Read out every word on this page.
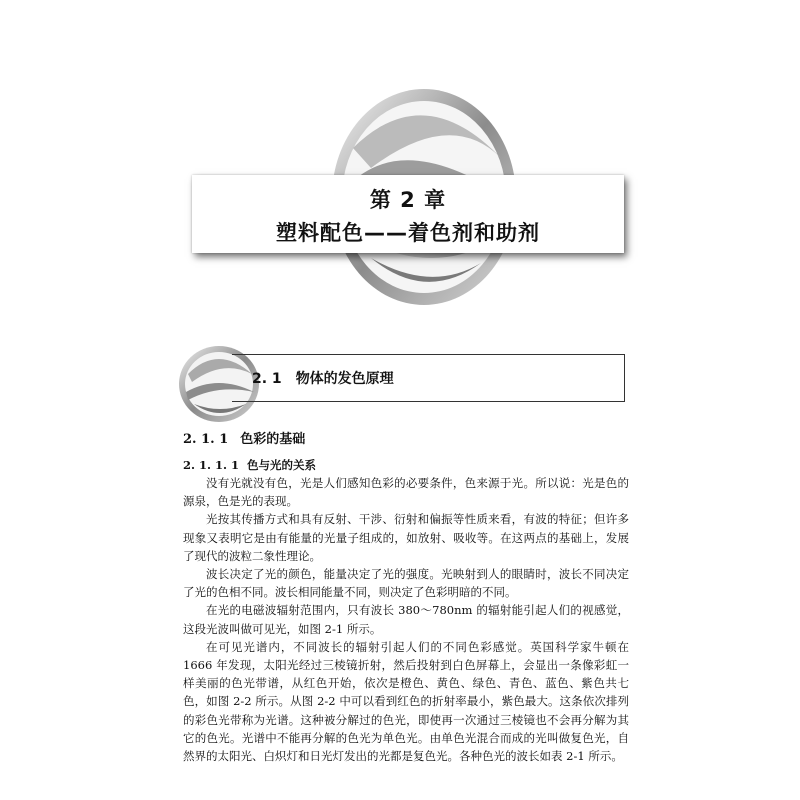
第 2 章
塑料配色——着色剂和助剂
2. 1 物体的发色原理
2. 1. 1 色彩的基础
2. 1. 1. 1 色与光的关系

没有光就没有色，光是人们感知色彩的必要条件，色来源于光。所以说：光是色的源泉，色是光的表现。

光按其传播方式和具有反射、干涉、衍射和偏振等性质来看，有波的特征；但许多现象又表明它是由有能量的光量子组成的，如放射、吸收等。在这两点的基础上，发展了现代的波粒二象性理论。

波长决定了光的颜色，能量决定了光的强度。光映射到人的眼睛时，波长不同决定了光的色相不同。波长相同能量不同，则决定了色彩明暗的不同。

在光的电磁波辐射范围内，只有波长 380～780nm 的辐射能引起人们的视感觉，这段光波叫做可见光，如图 2-1 所示。

在可见光谱内，不同波长的辐射引起人们的不同色彩感觉。英国科学家牛顿在 1666 年发现，太阳光经过三棱镜折射，然后投射到白色屏幕上，会显出一条像彩虹一样美丽的色光带谱，从红色开始，依次是橙色、黄色、绿色、青色、蓝色、紫色共七色，如图 2-2 所示。从图 2-2 中可以看到红色的折射率最小，紫色最大。这条依次排列的彩色光带称为光谱。这种被分解过的色光，即使再一次通过三棱镜也不会再分解为其它的色光。光谱中不能再分解的色光为单色光。由单色光混合而成的光叫做复色光，自然界的太阳光、白炽灯和日光灯发出的光都是复色光。各种色光的波长如表 2-1 所示。
